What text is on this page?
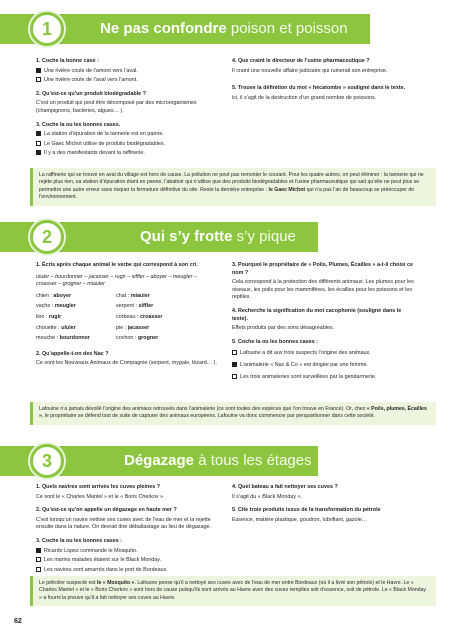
1	Ne pas confondre poison et poisson
1. Coche la bonne case :
Une rivière coule de l’amont vers l’aval.
Une rivière coule de l’aval vers l’amont.
2. Qu’est-ce qu’un produit biodégradable ?
C’est un produit qui peut être décomposé par des microorganismes (champignons, bactéries, algues… ).
3. Coche la ou les bonnes cases.
La station d’épuration de la tannerie est en panne.
Le Gaec Michot utilise de produits biodégradables.
Il y a des manifestants devant la raffinerie.
4. Que craint le directeur de l’usine pharmaceutique ?
Il craint une nouvelle affaire judiciaire qui ruinerait son entreprise.
5. Trouve la définition du mot « hécatombe » souligné dans le texte.
ici, il s’agit de la destruction d’un grand nombre de poissons.
La raffinerie qui se trouve en aval du village est hors de cause. La pollution ne peut pas remonter le courant. Pour les quatre autres, on peut éliminer : la tannerie qui ne rejète plus rien, sa station d’épuration étant en panne, l’abattoir qui n’utilise que des produits biodégradables et l’usine pharmaceutique qui sait qu’elle ne peut plus se permettre une autre erreur sans risquer la fermeture définitive du site. Reste la dernière entreprise : le Gaec Michot qui n’a pas l’air de beaucoup se préoccuper de l’environnement.
2	Qui s’y frotte s’y pique
1. Écris après chaque animal le verbe qui correspond à son cri.
ululer – bourdonner – jacasser – rugir – siffler – aboyer – meugler – croasser – grogner – miauler
chien : aboyer	chat : miauler
vache : meugler	serpent : siffler
lion : rugir	corbeau : croasser
chouette : ululer	pie : jacasser
mouche : bourdonner	cochon : grogner
2. Qu’appelle-t-on des Nac ?
Ce sont les Nouveaux Animaux de Compagnie (serpent, mygale, lézard… ).
3. Pourquoi le propriétaire de « Poils, Plumes, Écailles » a-t-il choisi ce nom ?
Cela correspond à la protection des différents animaux. Les plumes pour les oiseaux, les poils pour les mammifères, les écailles pour les poissons et les reptiles.
4. Recherche la signification du mot cacophonie (souligné dans le texte).
Effets produits par des sons désagréables.
5. Coche la ou les bonnes cases :
Lafouine a dit aux trois suspects l’origine des animaux.
L’animalerie « Nac & Co » est dirigée par une femme.
Les trois animaleries sont surveillées par la gendarmerie.
Lafouine n’a jamais dévoilé l’origine des animaux retrouvés dans l’animalerie (ce sont toutes des espèces que l’on trouve en France). Or, chez « Poils, plumes, Écailles », le propriétaire se défend tout de suite de capturer des animaux européens. Lafouine va donc commencer par perquisitionner dans cette société.
3	Dégazage à tous les étages
1. Quels navires sont arrivés les cuves pleines ?
Ce sont le « Charles Mantel » et le « Boris Cherkov ».
2. Qu’est-ce qu’on appelle un dégazage en haute mer ?
C’est lorsqu’un navire nettoie ses cuves avec de l’eau de mer et la rejette ensuite dans la nature. On devrait dire déballastage au lieu de dégazage.
3. Coche la ou les bonnes cases :
Ricardo Lopez commande le Mosquito.
Les marins malades étaient sur le Black Monday.
Les navires sont amarrés dans le port de Bordeaux.
4. Quel bateau a fait nettoyer ses cuves ?
Il s’agit du « Black Monday ».
5. Cite trois produits issus de la transformation du pétrole
Essence, matière plastique, goudron, lubrifiant, gazole…
Le pétrolier suspecté est le « Mosquito ». Lafouine pense qu’il a nettoyé ses cuves avec de l’eau de mer entre Bordeaux (où il a livré son pétrole) et le Havre. Le « Charles Mantel » et le « Boris Cherkov » sont hors de cause puisqu’ils sont arrivés au Havre avec des cuves remplies soit d’essence, soit de pétrole. Le « Black Monday » a fourni la preuve qu’il a fait nettoyer ses cuves au Havre.
62
